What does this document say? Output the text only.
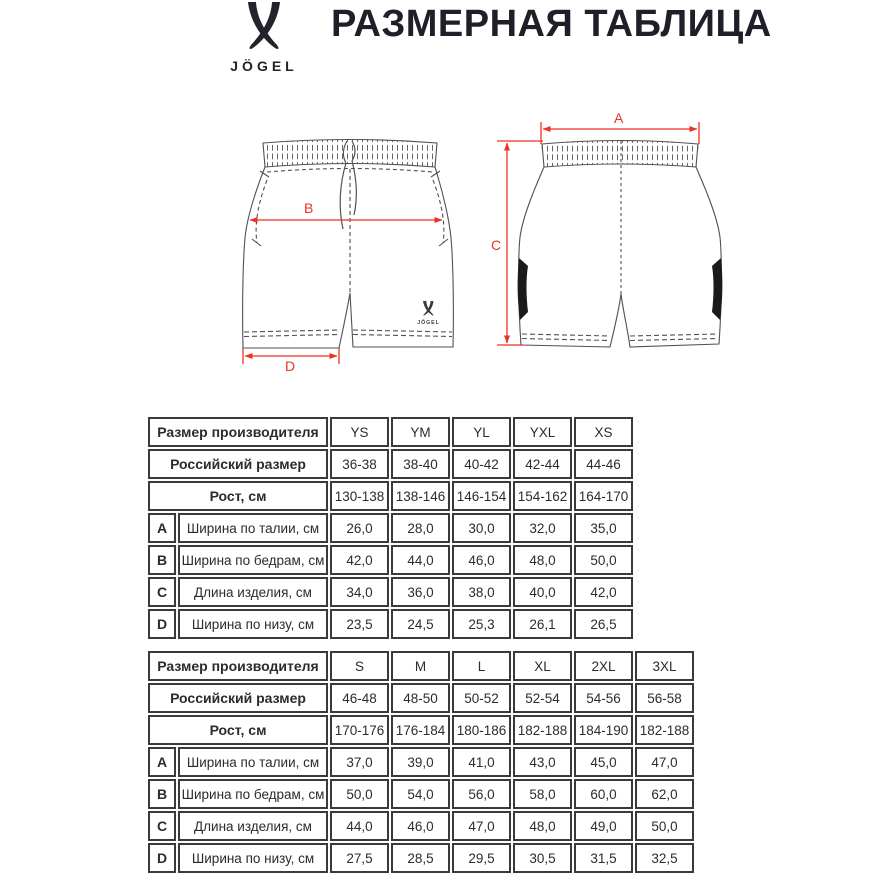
JÖGEL
РАЗМЕРНАЯ ТАБЛИЦА
JÖGEL
B
D
A
C
Размер производителя		YS	YM	YL	YXL	XS
Российский размер		36-38	38-40	40-42	42-44	44-46
Рост, см		130-138	138-146	146-154	154-162	164-170
A	Ширина по талии, см	26,0	28,0	30,0	32,0	35,0
B	Ширина по бедрам, см	42,0	44,0	46,0	48,0	50,0
C	Длина изделия, см	34,0	36,0	38,0	40,0	42,0
D	Ширина по низу, см	23,5	24,5	25,3	26,1	26,5
Размер производителя		S	M	L	XL	2XL	3XL
Российский размер		46-48	48-50	50-52	52-54	54-56	56-58
Рост, см		170-176	176-184	180-186	182-188	184-190	182-188
A	Ширина по талии, см	37,0	39,0	41,0	43,0	45,0	47,0
B	Ширина по бедрам, см	50,0	54,0	56,0	58,0	60,0	62,0
C	Длина изделия, см	44,0	46,0	47,0	48,0	49,0	50,0
D	Ширина по низу, см	27,5	28,5	29,5	30,5	31,5	32,5
